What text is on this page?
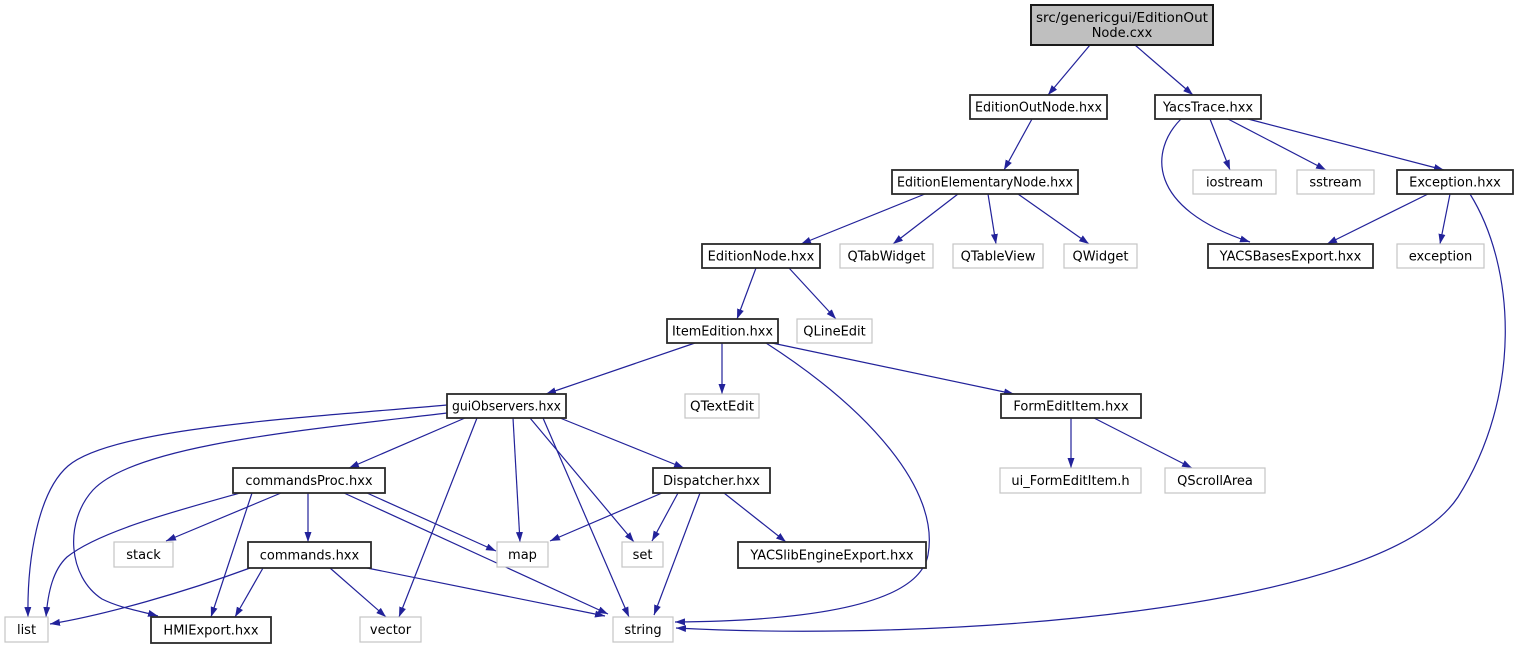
src/genericgui/EditionOut Node.cxx
EditionOutNode.hxx	YacsTrace.hxx
EditionElementaryNode.hxx	iostream	sstream	Exception.hxx
EditionNode.hxx	QTabWidget	QTableView	QWidget	YACSBasesExport.hxx	exception
ItemEdition.hxx QLineEdit
guiObservers.hxx	QTextEdit	FormEditItem.hxx
commandsProc.hxx	Dispatcher.hxx	ui_FormEditItem.h	QScrollArea
stack	commands.hxx	map	set	YACSlibEngineExport.hxx
list	HMIExport.hxx	vector	string
